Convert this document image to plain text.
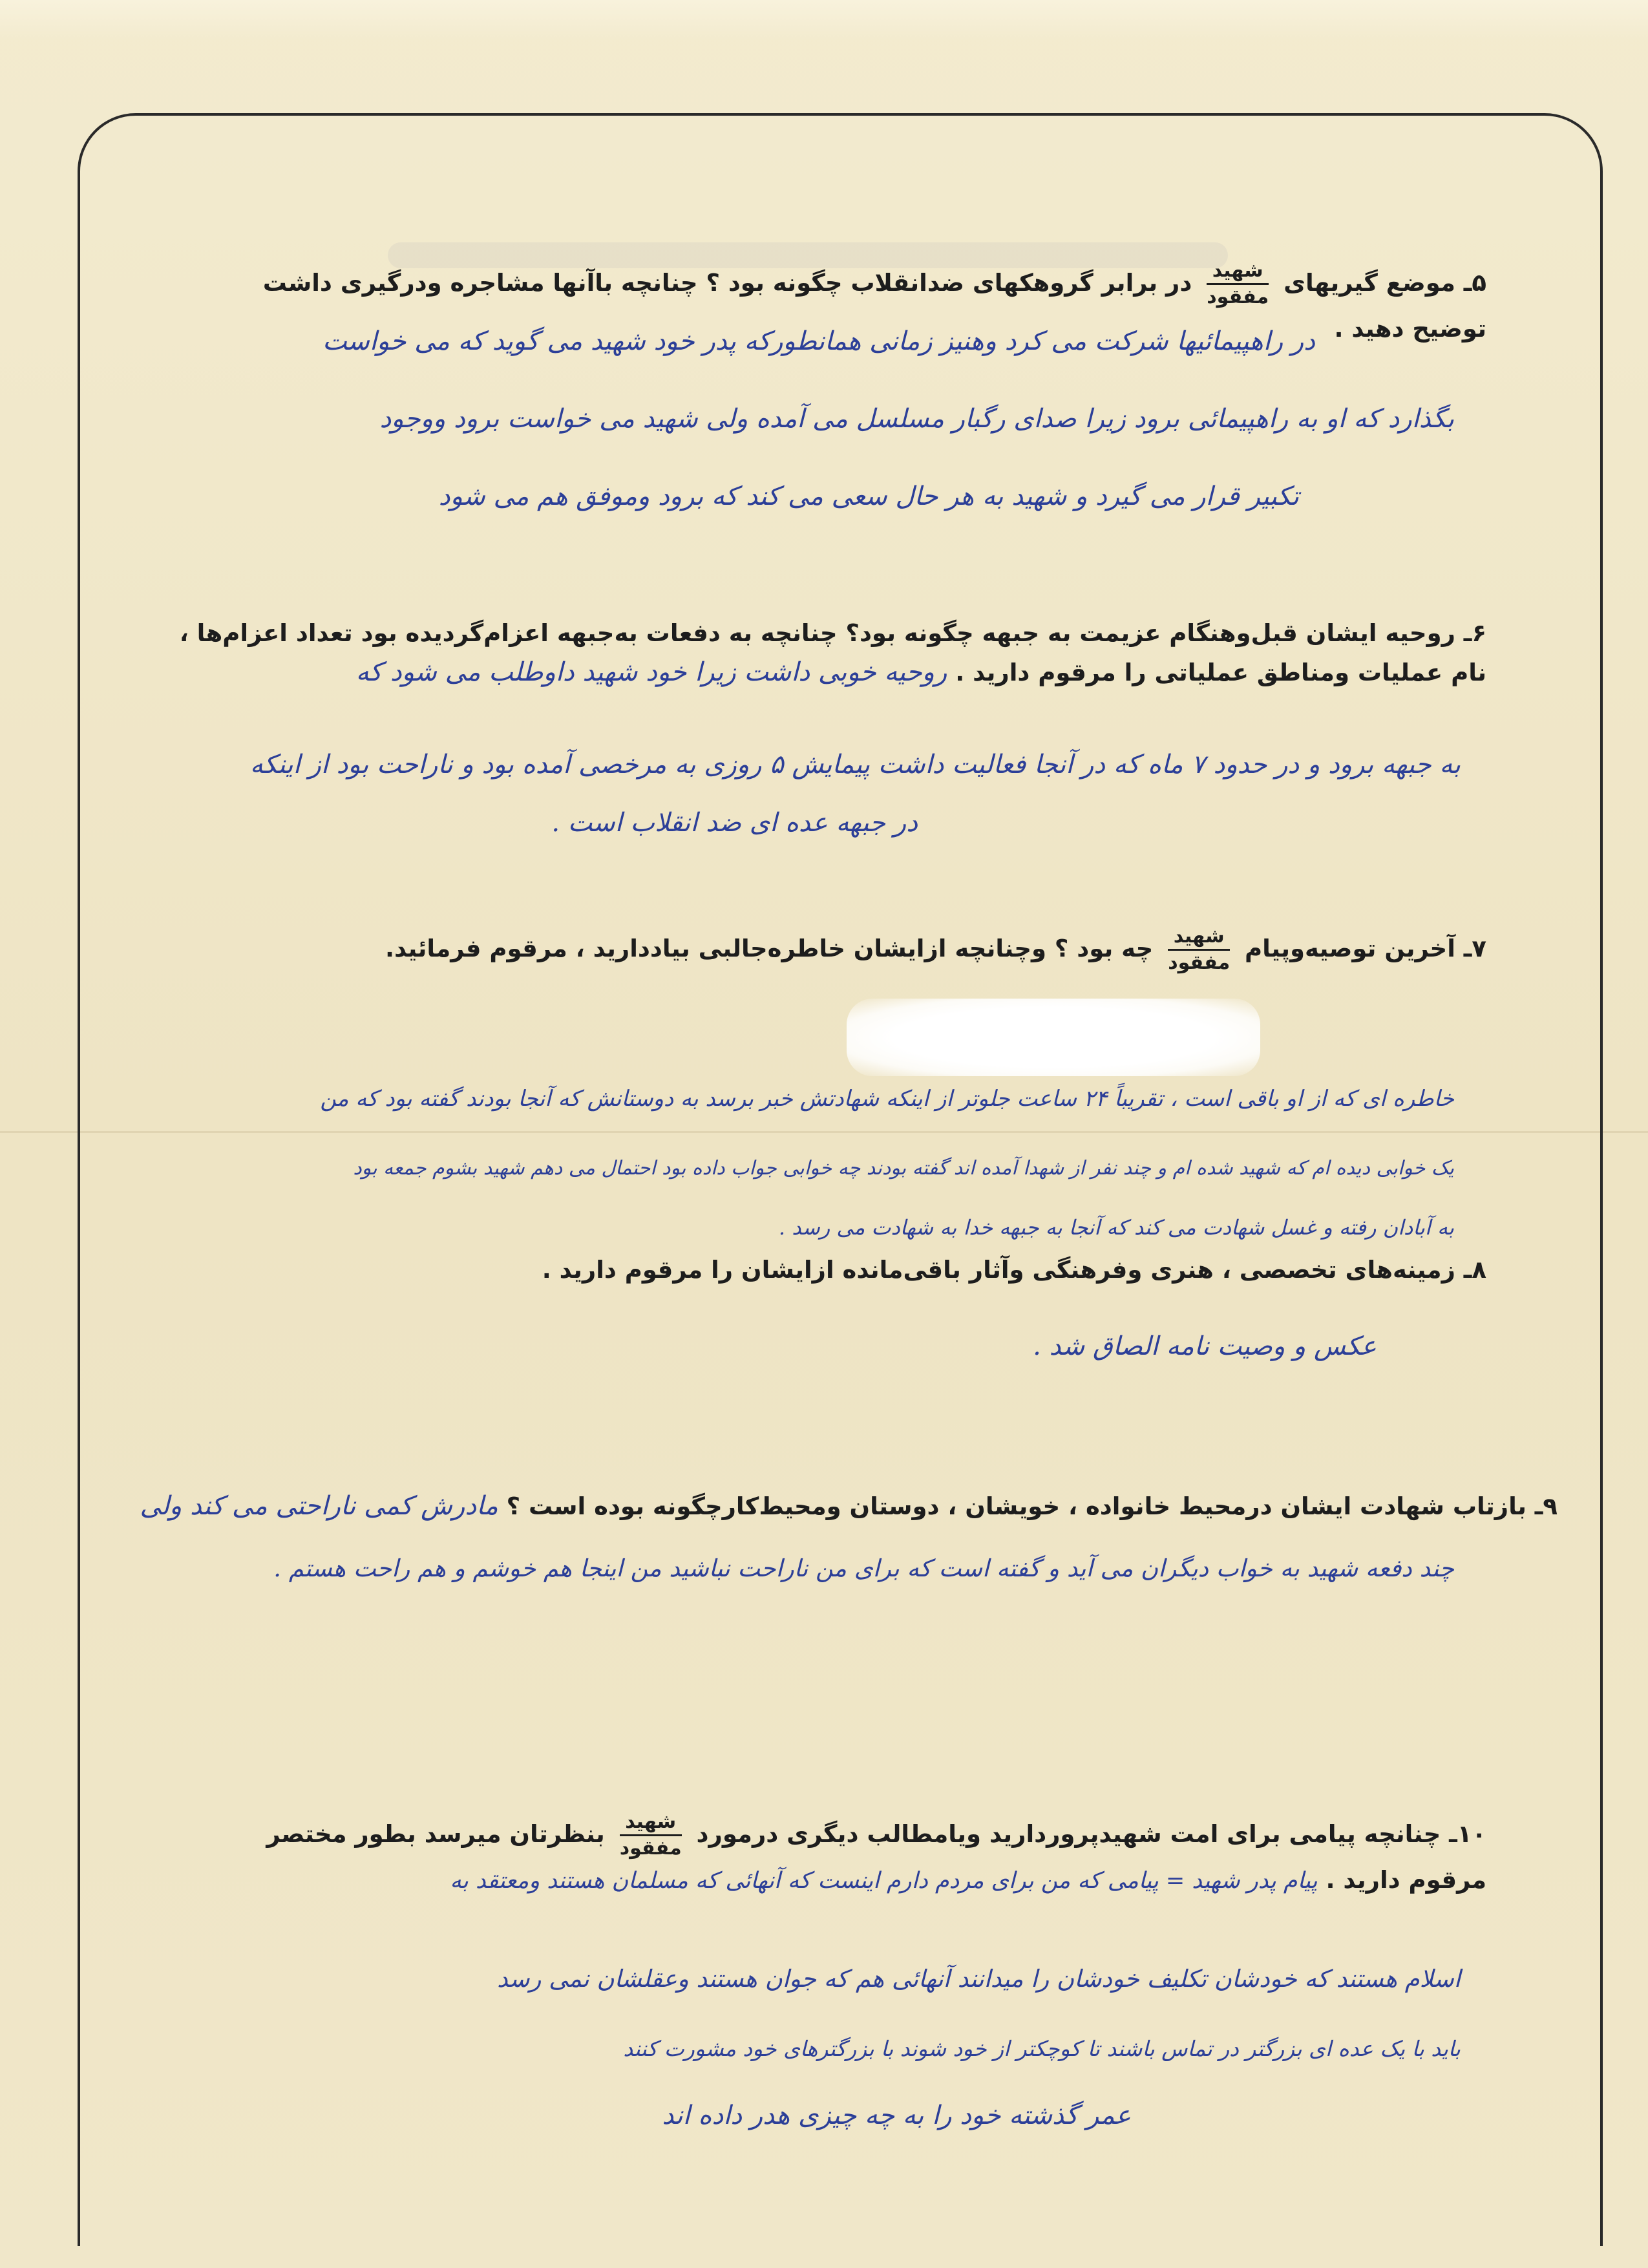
۵ـ موضع گیریهای
$\frac{\text{شهید}}{\text{مفقود}}$
در برابر گروهکهای ضدانقلاب چگونه بود ؟ چنانچه باآنها مشاجره ودرگیری داشت
توضیح دهید .
در راهپیمائیها شرکت می کرد وهنیز زمانی همانطورکه پدر خود شهید می گوید که می خواست
بگذارد که او به راهپیمائی برود زیرا صدای رگبار مسلسل می آمده ولی شهید می خواست برود ووجود
تکبیر قرار می گیرد و شهید به هر حال سعی می کند که برود وموفق هم می شود
۶ـ روحیه ایشان قبل‌وهنگام عزیمت به جبهه چگونه بود؟ چنانچه به دفعات به‌جبهه اعزام‌گردیده بود تعداد اعزام‌ها ،
نام عملیات ومناطق عملیاتی را مرقوم دارید . روحیه خوبی داشت زیرا خود شهید داوطلب می شود که
به جبهه برود و در حدود ۷ ماه که در آنجا فعالیت داشت پیمایش ۵ روزی به مرخصی آمده بود و ناراحت بود از اینکه
در جبهه عده ای ضد انقلاب است .
۷ـ آخرین توصیه‌وپیام
$\frac{\text{شهید}}{\text{مفقود}}$
چه بود ؟ وچنانچه ازایشان خاطره‌جالبی بیاددارید ، مرقوم فرمائید.
خاطره ای که از او باقی است ، تقریباً ۲۴ ساعت جلوتر از اینکه شهادتش خبر برسد به دوستانش که آنجا بودند گفته بود که من
یک خوابی دیده ام که شهید شده ام و چند نفر از شهدا آمده اند گفته بودند چه خوابی جواب داده بود احتمال می دهم شهید بشوم جمعه بود
به آبادان رفته و غسل شهادت می کند که آنجا به جبهه خدا به شهادت می رسد .
۸ـ زمینه‌های تخصصی ، هنری وفرهنگی وآثار باقی‌مانده ازایشان را مرقوم دارید .
عکس و وصیت نامه الصاق شد .
۹ـ بازتاب شهادت ایشان درمحیط خانواده ، خویشان ، دوستان ومحیط‌کارچگونه بوده است ؟ مادرش کمی ناراحتی می کند ولی
چند دفعه شهید به خواب دیگران می آید و گفته است که برای من ناراحت نباشید من اینجا هم خوشم و هم راحت هستم .
۱۰ـ چنانچه پیامی برای امت شهیدپروردارید ویامطالب دیگری درمورد
$\frac{\text{شهید}}{\text{مفقود}}$
بنظرتان میرسد بطور مختصر
مرقوم دارید . پیام پدر شهید = پیامی که من برای مردم دارم اینست که آنهائی که مسلمان هستند ومعتقد به
اسلام هستند که خودشان تکلیف خودشان را میدانند آنهائی هم که جوان هستند وعقلشان نمی رسد
باید با یک عده ای بزرگتر در تماس باشند تا کوچکتر از خود شوند با بزرگترهای خود مشورت کنند
عمر گذشته خود را به چه چیزی هدر داده اند
